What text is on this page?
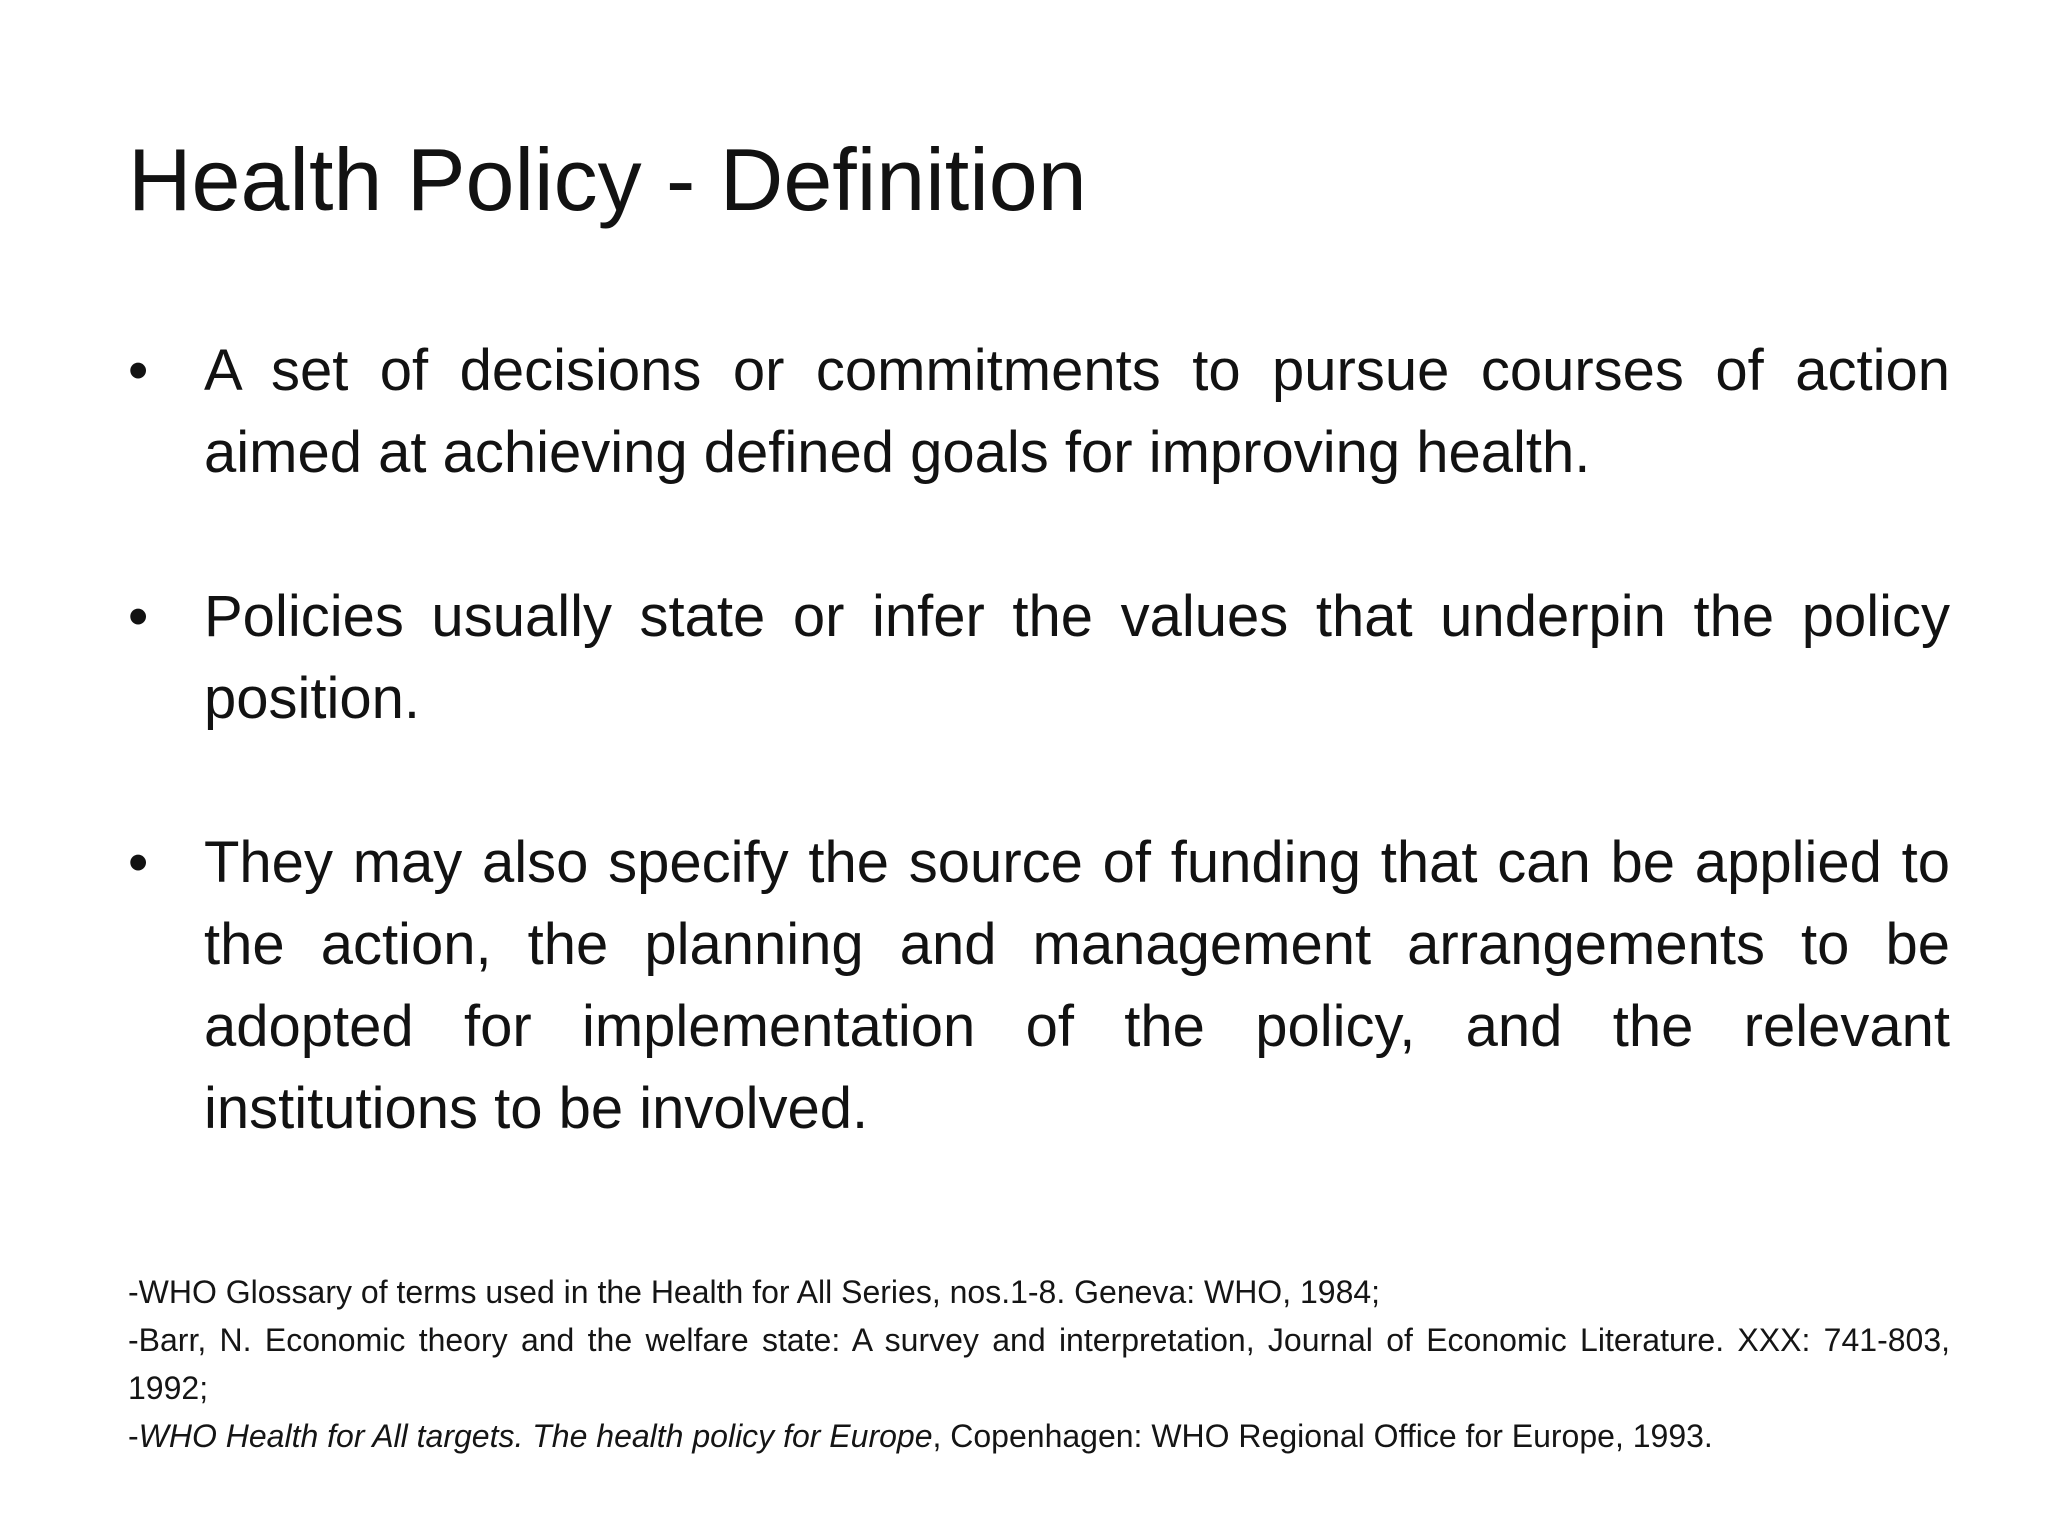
Health Policy - Definition
• A set of decisions or commitments to pursue courses of action aimed at achieving defined goals for improving health.
• Policies usually state or infer the values that underpin the policy position.
• They may also specify the source of funding that can be applied to the action, the planning and management arrangements to be adopted for implementation of the policy, and the relevant institutions to be involved.

-WHO Glossary of terms used in the Health for All Series, nos.1-8. Geneva: WHO, 1984;

-Barr, N. Economic theory and the welfare state: A survey and interpretation, Journal of Economic Literature. XXX: 741-803, 1992;

-WHO Health for All targets. The health policy for Europe, Copenhagen: WHO Regional Office for Europe, 1993.
